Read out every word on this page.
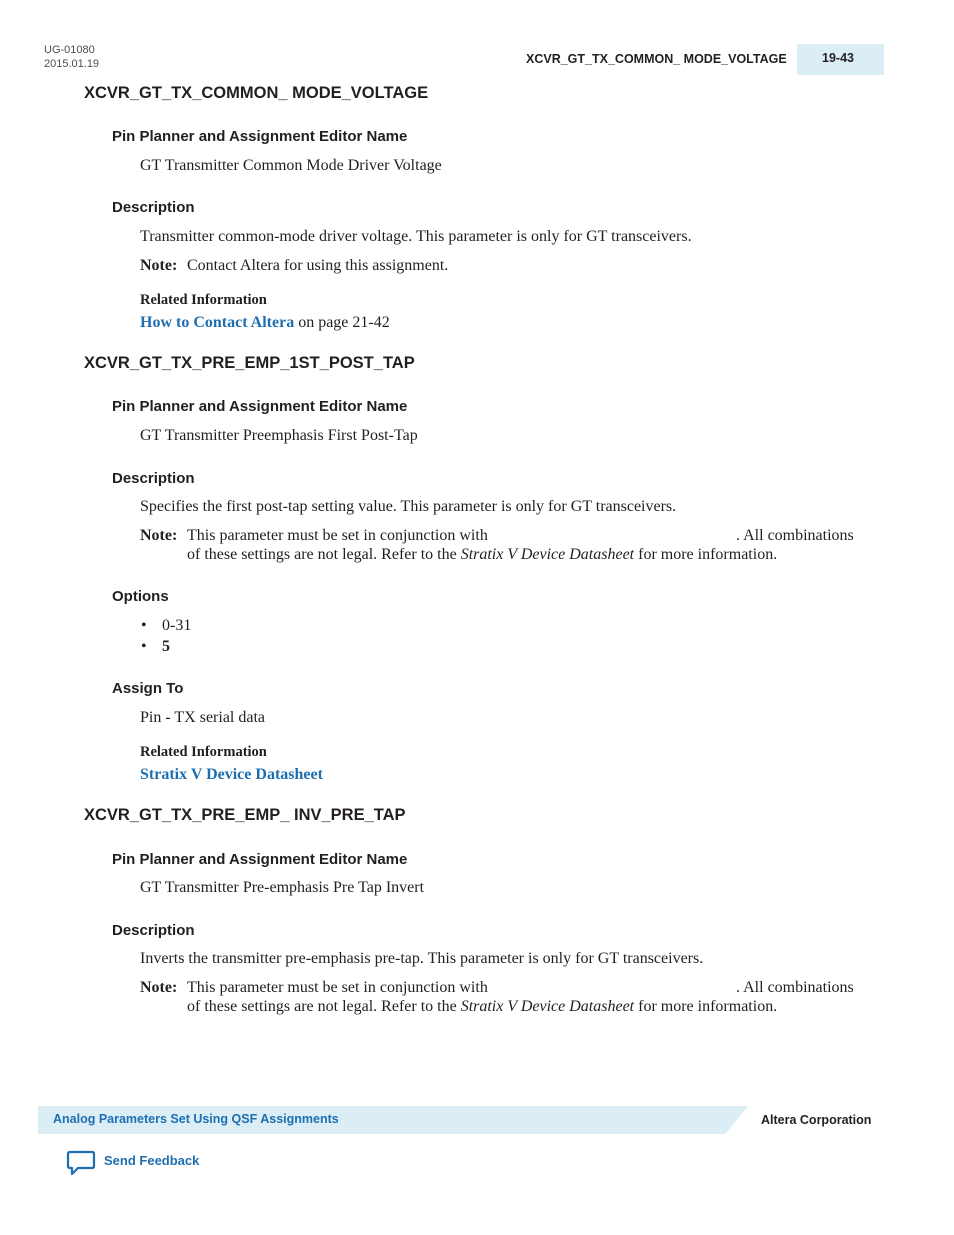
UG-01080
2015.01.19	XCVR_GT_TX_COMMON_ MODE_VOLTAGE	19-43
XCVR_GT_TX_COMMON_ MODE_VOLTAGE
Pin Planner and Assignment Editor Name
GT Transmitter Common Mode Driver Voltage
Description
Transmitter common-mode driver voltage. This parameter is only for GT transceivers.
Note: Contact Altera for using this assignment.
Related Information
How to Contact Altera on page 21-42
XCVR_GT_TX_PRE_EMP_1ST_POST_TAP
Pin Planner and Assignment Editor Name
GT Transmitter Preemphasis First Post-Tap
Description
Specifies the first post-tap setting value. This parameter is only for GT transceivers.
Note: This parameter must be set in conjunction with	. All combinations
of these settings are not legal. Refer to the Stratix V Device Datasheet for more information.
Options
• 0-31
• 5
Assign To
Pin - TX serial data
Related Information
Stratix V Device Datasheet
XCVR_GT_TX_PRE_EMP_ INV_PRE_TAP
Pin Planner and Assignment Editor Name
GT Transmitter Pre-emphasis Pre Tap Invert
Description
Inverts the transmitter pre-emphasis pre-tap. This parameter is only for GT transceivers.
Note: This parameter must be set in conjunction with	. All combinations
of these settings are not legal. Refer to the Stratix V Device Datasheet for more information.
Analog Parameters Set Using QSF Assignments	Altera Corporation
Send Feedback
